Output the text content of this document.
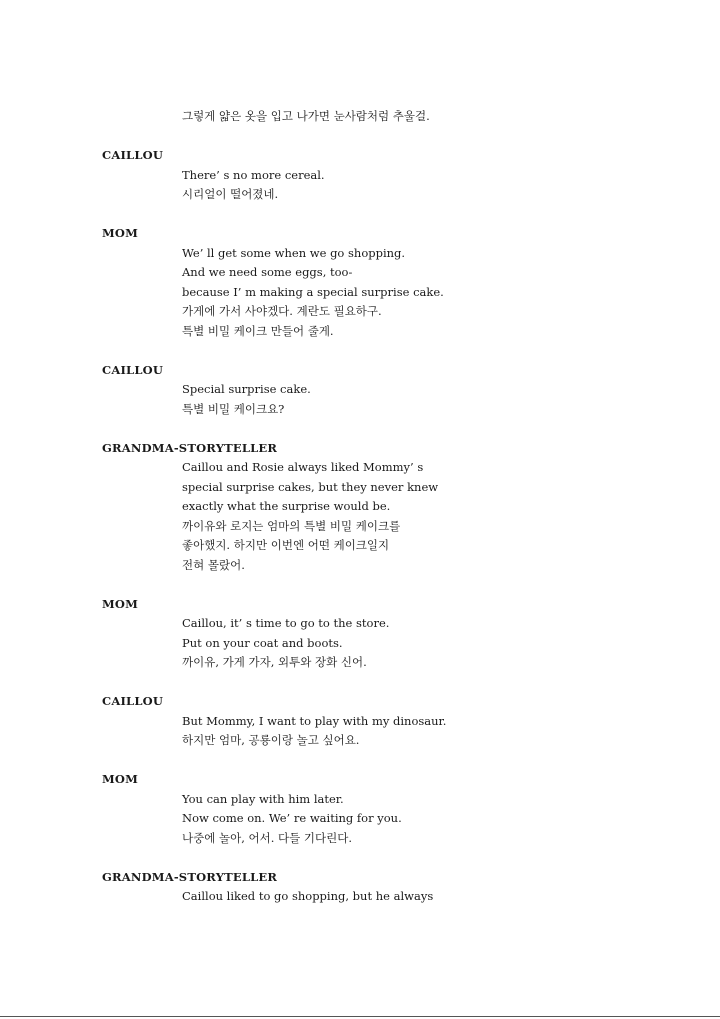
그렇게 얇은 옷을 입고 나가면 눈사람처럼 추울걸.
CAILLOU
There’ s no more cereal.
시리얼이 떨어졌네.
MOM
We’ ll get some when we go shopping.
And we need some eggs, too-
because I’ m making a special surprise cake.
가게에 가서 사야겠다. 계란도 필요하구.
특별 비밀 케이크 만들어 줄게.
CAILLOU
Special surprise cake.
특별 비밀 케이크요?
GRANDMA-STORYTELLER
Caillou and Rosie always liked Mommy’ s
special surprise cakes, but they never knew
exactly what the surprise would be.
까이유와 로지는 엄마의 특별 비밀 케이크를
좋아했지. 하지만 이번엔 어떤 케이크일지
전혀 몰랐어.
MOM
Caillou, it’ s time to go to the store.
Put on your coat and boots.
까이유, 가게 가자, 외투와 장화 신어.
CAILLOU
But Mommy, I want to play with my dinosaur.
하지만 엄마, 공룡이랑 놀고 싶어요.
MOM
You can play with him later.
Now come on. We’ re waiting for you.
나중에 놀아, 어서. 다들 기다린다.
GRANDMA-STORYTELLER
Caillou liked to go shopping, but he always
